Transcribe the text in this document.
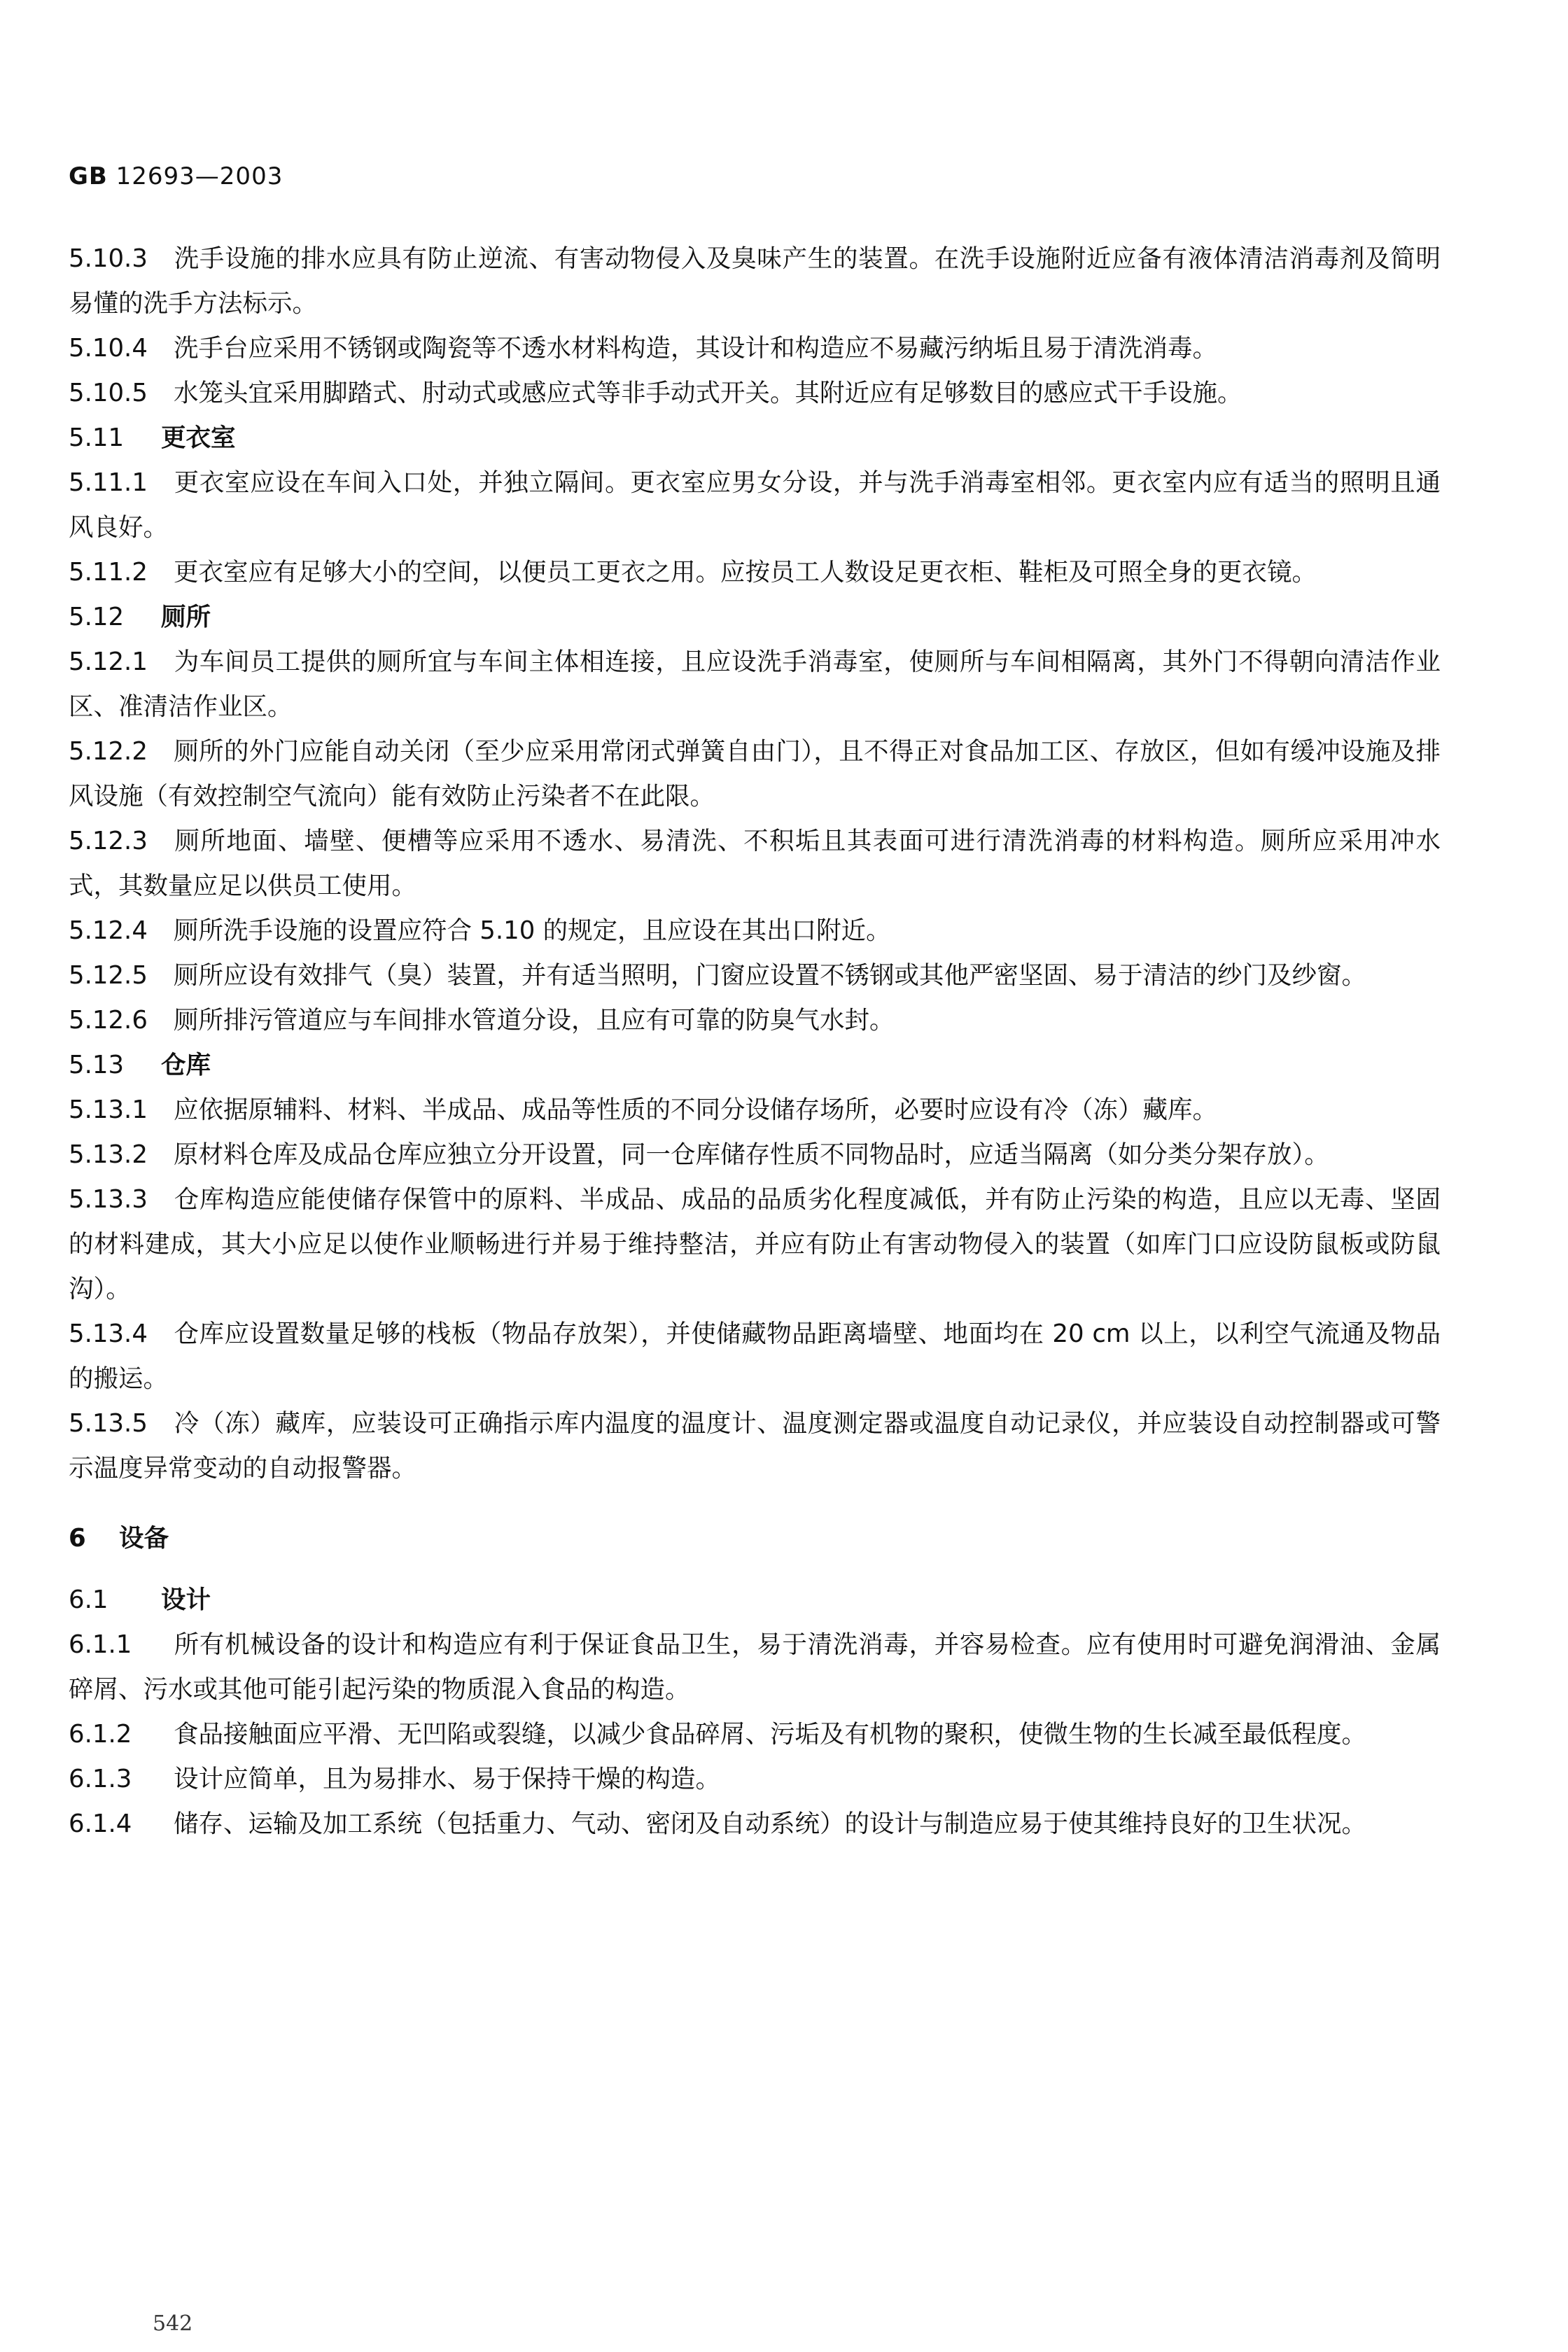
GB 12693—2003
5.10.3 洗手设施的排水应具有防止逆流、有害动物侵入及臭味产生的装置。在洗手设施附近应备有液体清洁消毒剂及简明易懂的洗手方法标示。
5.10.4 洗手台应采用不锈钢或陶瓷等不透水材料构造，其设计和构造应不易藏污纳垢且易于清洗消毒。
5.10.5 水笼头宜采用脚踏式、肘动式或感应式等非手动式开关。其附近应有足够数目的感应式干手设施。
5.11 更衣室
5.11.1 更衣室应设在车间入口处，并独立隔间。更衣室应男女分设，并与洗手消毒室相邻。更衣室内应有适当的照明且通风良好。
5.11.2 更衣室应有足够大小的空间，以便员工更衣之用。应按员工人数设足更衣柜、鞋柜及可照全身的更衣镜。
5.12 厕所
5.12.1 为车间员工提供的厕所宜与车间主体相连接，且应设洗手消毒室，使厕所与车间相隔离，其外门不得朝向清洁作业区、准清洁作业区。
5.12.2 厕所的外门应能自动关闭（至少应采用常闭式弹簧自由门），且不得正对食品加工区、存放区，但如有缓冲设施及排风设施（有效控制空气流向）能有效防止污染者不在此限。
5.12.3 厕所地面、墙壁、便槽等应采用不透水、易清洗、不积垢且其表面可进行清洗消毒的材料构造。厕所应采用冲水式，其数量应足以供员工使用。
5.12.4 厕所洗手设施的设置应符合 5.10 的规定，且应设在其出口附近。
5.12.5 厕所应设有效排气（臭）装置，并有适当照明，门窗应设置不锈钢或其他严密坚固、易于清洁的纱门及纱窗。
5.12.6 厕所排污管道应与车间排水管道分设，且应有可靠的防臭气水封。
5.13 仓库
5.13.1 应依据原辅料、材料、半成品、成品等性质的不同分设储存场所，必要时应设有冷（冻）藏库。
5.13.2 原材料仓库及成品仓库应独立分开设置，同一仓库储存性质不同物品时，应适当隔离（如分类分架存放）。
5.13.3 仓库构造应能使储存保管中的原料、半成品、成品的品质劣化程度减低，并有防止污染的构造，且应以无毒、坚固的材料建成，其大小应足以使作业顺畅进行并易于维持整洁，并应有防止有害动物侵入的装置（如库门口应设防鼠板或防鼠沟）。
5.13.4 仓库应设置数量足够的栈板（物品存放架），并使储藏物品距离墙壁、地面均在 20 cm 以上，以利空气流通及物品的搬运。
5.13.5 冷（冻）藏库，应装设可正确指示库内温度的温度计、温度测定器或温度自动记录仪，并应装设自动控制器或可警示温度异常变动的自动报警器。
6 设备
6.1 设计
6.1.1 所有机械设备的设计和构造应有利于保证食品卫生，易于清洗消毒，并容易检查。应有使用时可避免润滑油、金属碎屑、污水或其他可能引起污染的物质混入食品的构造。
6.1.2 食品接触面应平滑、无凹陷或裂缝，以减少食品碎屑、污垢及有机物的聚积，使微生物的生长减至最低程度。
6.1.3 设计应简单，且为易排水、易于保持干燥的构造。
6.1.4 储存、运输及加工系统（包括重力、气动、密闭及自动系统）的设计与制造应易于使其维持良好的卫生状况。
542
